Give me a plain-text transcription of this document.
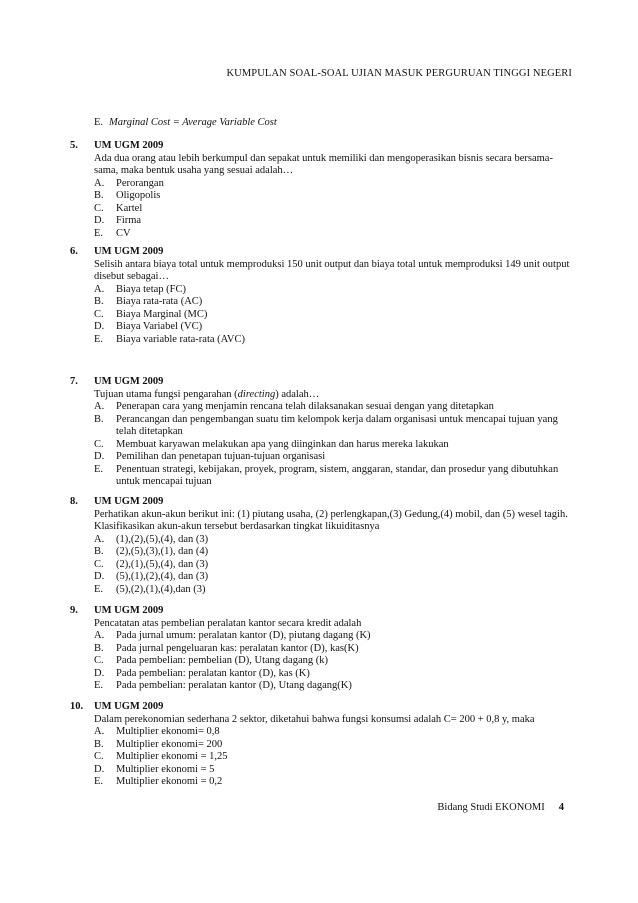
KUMPULAN SOAL-SOAL UJIAN MASUK PERGURUAN TINGGI NEGERI
E. Marginal Cost = Average Variable Cost
5. UM UGM 2009
Ada dua orang atau lebih berkumpul dan sepakat untuk memiliki dan mengoperasikan bisnis secara bersama- sama, maka bentuk usaha yang sesuai adalah…
A. Perorangan
B. Oligopolis
C. Kartel
D. Firma
E. CV
6. UM UGM 2009
Selisih antara biaya total untuk memproduksi 150 unit output dan biaya total untuk memproduksi 149 unit output disebut sebagai…
A. Biaya tetap (FC)
B. Biaya rata-rata (AC)
C. Biaya Marginal (MC)
D. Biaya Variabel (VC)
E. Biaya variable rata-rata (AVC)
7. UM UGM 2009
Tujuan utama fungsi pengarahan (directing) adalah…
A. Penerapan cara yang menjamin rencana telah dilaksanakan sesuai dengan yang ditetapkan
B. Perancangan dan pengembangan suatu tim kelompok kerja dalam organisasi untuk mencapai tujuan yang telah ditetapkan
C. Membuat karyawan melakukan apa yang diinginkan dan harus mereka lakukan
D. Pemilihan dan penetapan tujuan-tujuan organisasi
E. Penentuan strategi, kebijakan, proyek, program, sistem, anggaran, standar, dan prosedur yang dibutuhkan untuk mencapai tujuan
8. UM UGM 2009
Perhatikan akun-akun berikut ini: (1) piutang usaha, (2) perlengkapan,(3) Gedung,(4) mobil, dan (5) wesel tagih. Klasifikasikan akun-akun tersebut berdasarkan tingkat likuiditasnya
A. (1),(2),(5),(4), dan (3)
B. (2),(5),(3),(1), dan (4)
C. (2),(1),(5),(4), dan (3)
D. (5),(1),(2),(4), dan (3)
E. (5),(2),(1),(4),dan (3)
9. UM UGM 2009
Pencatatan atas pembelian peralatan kantor secara kredit adalah
A. Pada jurnal umum: peralatan kantor (D), piutang dagang (K)
B. Pada jurnal pengeluaran kas: peralatan kantor (D), kas(K)
C. Pada pembelian: pembelian (D), Utang dagang (k)
D. Pada pembelian: peralatan kantor (D), kas (K)
E. Pada pembelian: peralatan kantor (D), Utang dagang(K)
10. UM UGM 2009
Dalam perekonomian sederhana 2 sektor, diketahui bahwa fungsi konsumsi adalah C= 200 + 0,8 y, maka
A. Multiplier ekonomi= 0,8
B. Multiplier ekonomi= 200
C. Multiplier ekonomi = 1,25
D. Multiplier ekonomi = 5
E. Multiplier ekonomi = 0,2
Bidang Studi EKONOMI 4
